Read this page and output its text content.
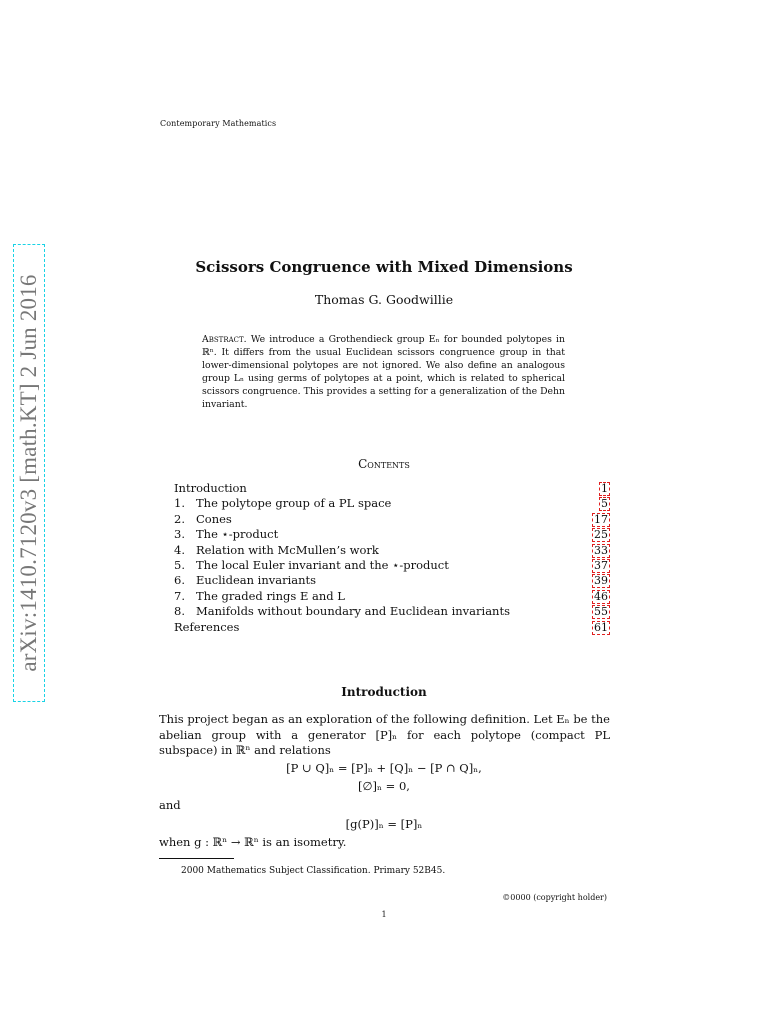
Contemporary Mathematics
arXiv:1410.7120v3 [math.KT] 2 Jun 2016
Scissors Congruence with Mixed Dimensions
Thomas G. Goodwillie
Abstract. We introduce a Grothendieck group Eₙ for bounded polytopes in ℝⁿ. It differs from the usual Euclidean scissors congruence group in that lower-dimensional polytopes are not ignored. We also define an analogous group Lₙ using germs of polytopes at a point, which is related to spherical scissors congruence. This provides a setting for a generalization of the Dehn invariant.
Contents
Introduction	1
1. The polytope group of a PL space	5
2. Cones	17
3. The ⋆-product	25
4. Relation with McMullen’s work	33
5. The local Euler invariant and the ⋆-product	37
6. Euclidean invariants	39
7. The graded rings E and L	46
8. Manifolds without boundary and Euclidean invariants	55
References	61
Introduction
This project began as an exploration of the following definition. Let Eₙ be the abelian group with a generator [P]ₙ for each polytope (compact PL subspace) in ℝⁿ and relations
[P ∪ Q]ₙ = [P]ₙ + [Q]ₙ − [P ∩ Q]ₙ,
[∅]ₙ = 0,
and
[g(P)]ₙ = [P]ₙ
when g : ℝⁿ → ℝⁿ is an isometry.
2000 Mathematics Subject Classification. Primary 52B45.
©0000 (copyright holder)
1
